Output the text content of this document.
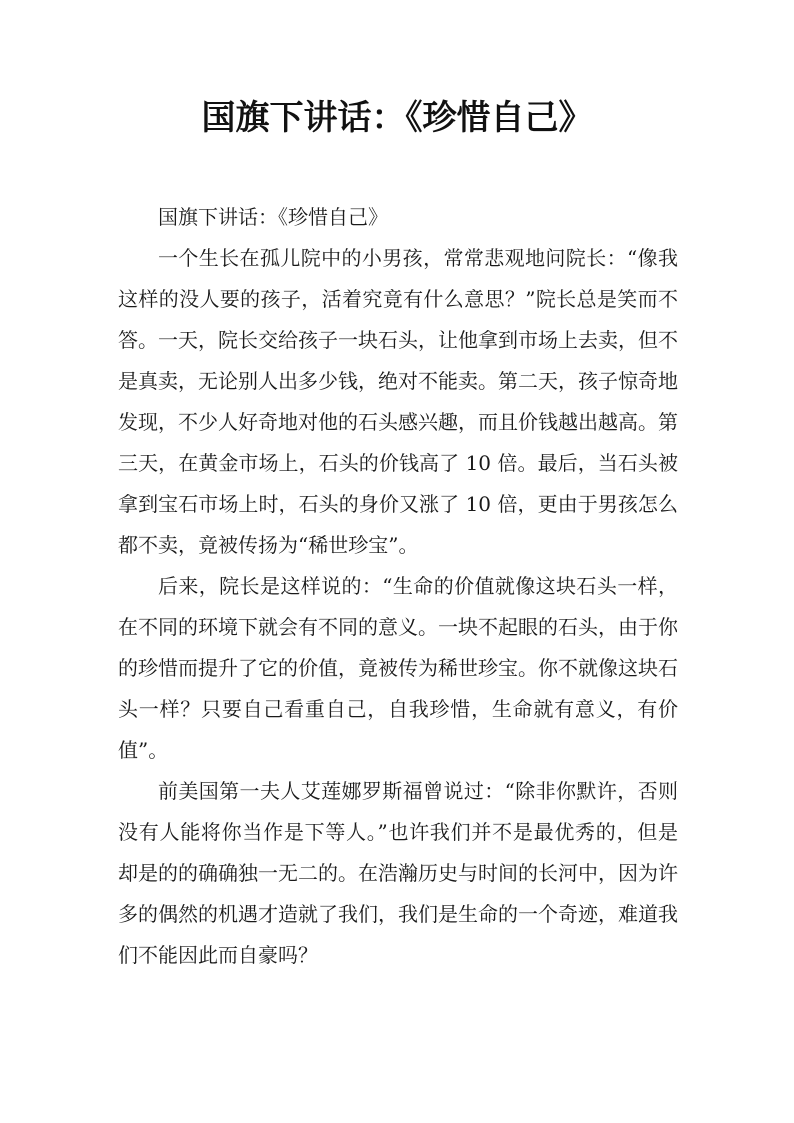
国旗下讲话：《珍惜自己》

国旗下讲话：《珍惜自己》

一个生长在孤儿院中的小男孩，常常悲观地问院长：“像我这样的没人要的孩子，活着究竟有什么意思？”院长总是笑而不答。一天，院长交给孩子一块石头，让他拿到市场上去卖，但不是真卖，无论别人出多少钱，绝对不能卖。第二天，孩子惊奇地发现，不少人好奇地对他的石头感兴趣，而且价钱越出越高。第三天，在黄金市场上，石头的价钱高了 10 倍。最后，当石头被拿到宝石市场上时，石头的身价又涨了 10 倍，更由于男孩怎么都不卖，竟被传扬为“稀世珍宝”。

后来，院长是这样说的：“生命的价值就像这块石头一样，在不同的环境下就会有不同的意义。一块不起眼的石头，由于你的珍惜而提升了它的价值，竟被传为稀世珍宝。你不就像这块石头一样？只要自己看重自己，自我珍惜，生命就有意义，有价值”。

前美国第一夫人艾莲娜罗斯福曾说过：“除非你默许，否则没有人能将你当作是下等人。”也许我们并不是最优秀的，但是却是的的确确独一无二的。在浩瀚历史与时间的长河中，因为许多的偶然的机遇才造就了我们，我们是生命的一个奇迹，难道我们不能因此而自豪吗？
